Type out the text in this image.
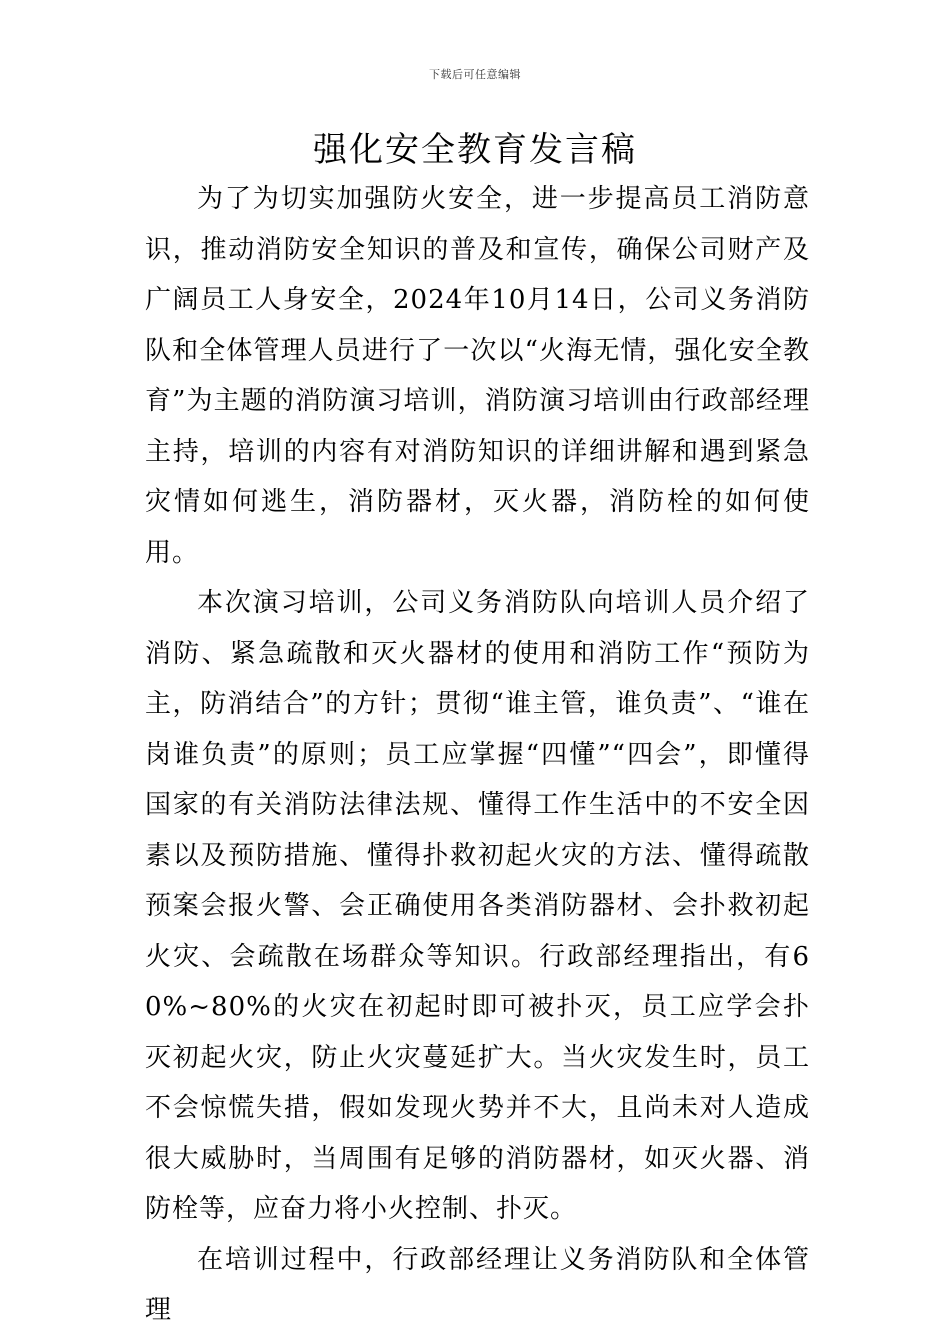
下载后可任意编辑
强化安全教育发言稿

为了为切实加强防火安全，进一步提高员工消防意识，推动消防安全知识的普及和宣传，确保公司财产及广阔员工人身安全，2024年10月14日，公司义务消防队和全体管理人员进行了一次以“火海无情，强化安全教育”为主题的消防演习培训，消防演习培训由行政部经理主持，培训的内容有对消防知识的详细讲解和遇到紧急灾情如何逃生，消防器材，灭火器，消防栓的如何使用。

本次演习培训，公司义务消防队向培训人员介绍了消防、紧急疏散和灭火器材的使用和消防工作“预防为主，防消结合”的方针；贯彻“谁主管，谁负责”、“谁在岗谁负责”的原则；员工应掌握“四懂”“四会”，即懂得国家的有关消防法律法规、懂得工作生活中的不安全因素以及预防措施、懂得扑救初起火灾的方法、懂得疏散预案会报火警、会正确使用各类消防器材、会扑救初起火灾、会疏散在场群众等知识。行政部经理指出，有60%~80%的火灾在初起时即可被扑灭，员工应学会扑灭初起火灾，防止火灾蔓延扩大。当火灾发生时，员工不会惊慌失措，假如发现火势并不大，且尚未对人造成很大威胁时，当周围有足够的消防器材，如灭火器、消防栓等，应奋力将小火控制、扑灭。

在培训过程中，行政部经理让义务消防队和全体管理
